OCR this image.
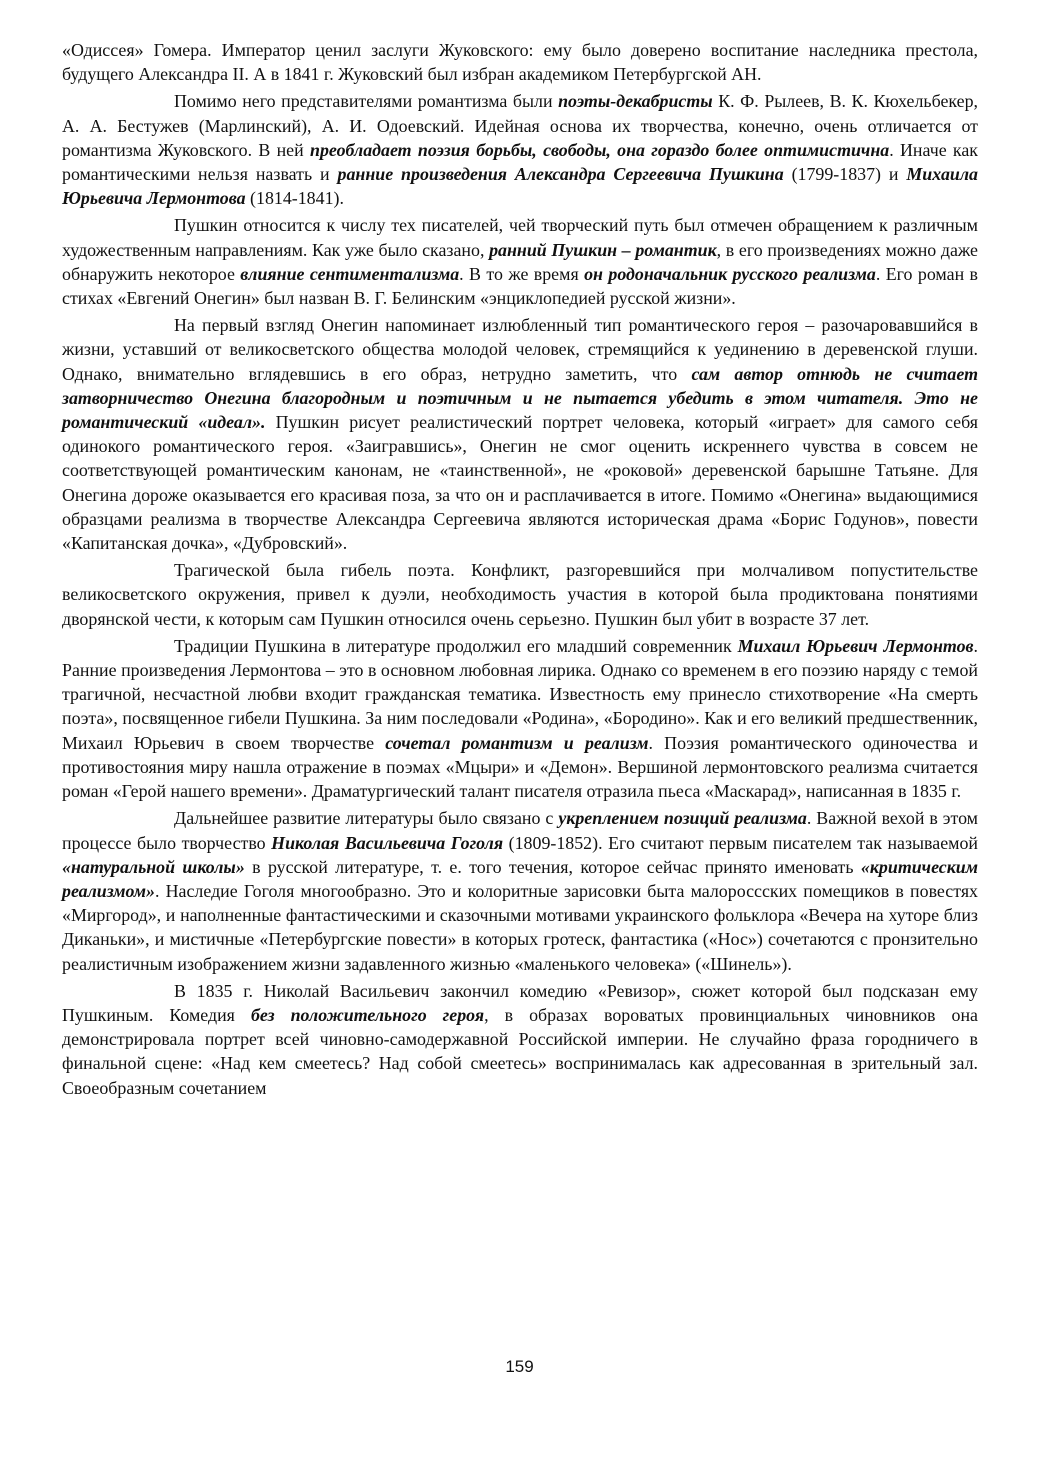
«Одиссея» Гомера. Император ценил заслуги Жуковского: ему было доверено воспитание наследника престола, будущего Александра II. А в 1841 г. Жуковский был избран академиком Петербургской АН.

Помимо него представителями романтизма были поэты-декабристы К. Ф. Рылеев, В. К. Кюхельбекер, А. А. Бестужев (Марлинский), А. И. Одоевский. Идейная основа их творчества, конечно, очень отличается от романтизма Жуковского. В ней преобладает поэзия борьбы, свободы, она гораздо более оптимистична. Иначе как романтическими нельзя назвать и ранние произведения Александра Сергеевича Пушкина (1799-1837) и Михаила Юрьевича Лермонтова (1814-1841).

Пушкин относится к числу тех писателей, чей творческий путь был отмечен обращением к различным художественным направлениям. Как уже было сказано, ранний Пушкин – романтик, в его произведениях можно даже обнаружить некоторое влияние сентиментализма. В то же время он родоначальник русского реализма. Его роман в стихах «Евгений Онегин» был назван В. Г. Белинским «энциклопедией русской жизни».

На первый взгляд Онегин напоминает излюбленный тип романтического героя – разочаровавшийся в жизни, уставший от великосветского общества молодой человек, стремящийся к уединению в деревенской глуши. Однако, внимательно вглядевшись в его образ, нетрудно заметить, что сам автор отнюдь не считает затворничество Онегина благородным и поэтичным и не пытается убедить в этом читателя. Это не романтический «идеал». Пушкин рисует реалистический портрет человека, который «играет» для самого себя одинокого романтического героя. «Заигравшись», Онегин не смог оценить искреннего чувства в совсем не соответствующей романтическим канонам, не «таинственной», не «роковой» деревенской барышне Татьяне. Для Онегина дороже оказывается его красивая поза, за что он и расплачивается в итоге. Помимо «Онегина» выдающимися образцами реализма в творчестве Александра Сергеевича являются историческая драма «Борис Годунов», повести «Капитанская дочка», «Дубровский».

Трагической была гибель поэта. Конфликт, разгоревшийся при молчаливом попустительстве великосветского окружения, привел к дуэли, необходимость участия в которой была продиктована понятиями дворянской чести, к которым сам Пушкин относился очень серьезно. Пушкин был убит в возрасте 37 лет.

Традиции Пушкина в литературе продолжил его младший современник Михаил Юрьевич Лермонтов. Ранние произведения Лермонтова – это в основном любовная лирика. Однако со временем в его поэзию наряду с темой трагичной, несчастной любви входит гражданская тематика. Известность ему принесло стихотворение «На смерть поэта», посвященное гибели Пушкина. За ним последовали «Родина», «Бородино». Как и его великий предшественник, Михаил Юрьевич в своем творчестве сочетал романтизм и реализм. Поэзия романтического одиночества и противостояния миру нашла отражение в поэмах «Мцыри» и «Демон». Вершиной лермонтовского реализма считается роман «Герой нашего времени». Драматургический талант писателя отразила пьеса «Маскарад», написанная в 1835 г.

Дальнейшее развитие литературы было связано с укреплением позиций реализма. Важной вехой в этом процессе было творчество Николая Васильевича Гоголя (1809-1852). Его считают первым писателем так называемой «натуральной школы» в русской литературе, т. е. того течения, которое сейчас принято именовать «критическим реализмом». Наследие Гоголя многообразно. Это и колоритные зарисовки быта малороссских помещиков в повестях «Миргород», и наполненные фантастическими и сказочными мотивами украинского фольклора «Вечера на хуторе близ Диканьки», и мистичные «Петербургские повести» в которых гротеск, фантастика («Нос») сочетаются с пронзительно реалистичным изображением жизни задавленного жизнью «маленького человека» («Шинель»).

В 1835 г. Николай Васильевич закончил комедию «Ревизор», сюжет которой был подсказан ему Пушкиным. Комедия без положительного героя, в образах вороватых провинциальных чиновников она демонстрировала портрет всей чиновно-самодержавной Российской империи. Не случайно фраза городничего в финальной сцене: «Над кем смеетесь? Над собой смеетесь» воспринималась как адресованная в зрительный зал. Своеобразным сочетанием

159
